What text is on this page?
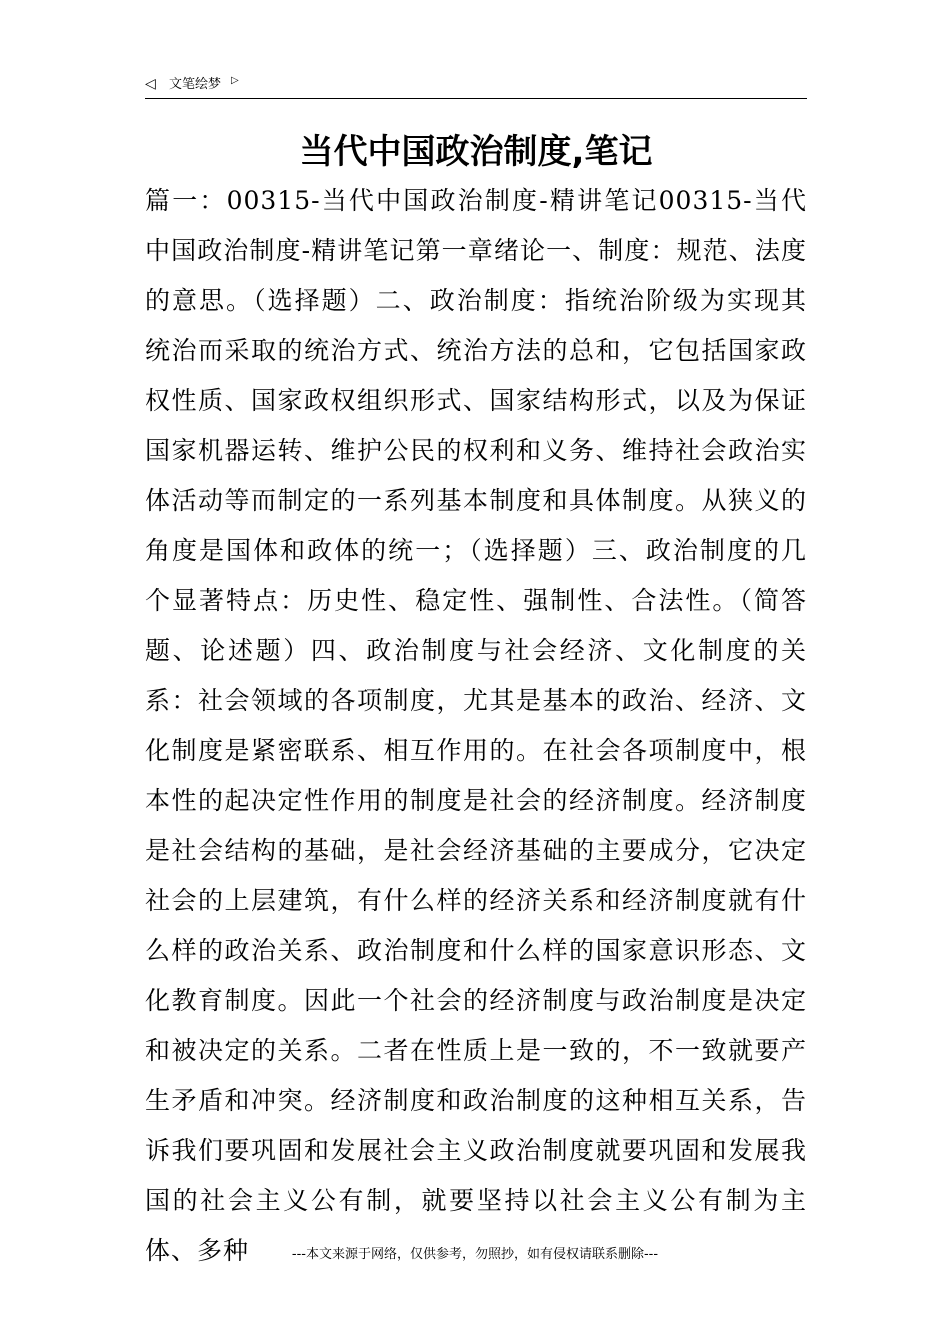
◁ 文笔绘梦 ▷
当代中国政治制度,笔记

篇一：00315-当代中国政治制度-精讲笔记00315-当代中国政治制度-精讲笔记第一章绪论一、制度：规范、法度的意思。（选择题）二、政治制度：指统治阶级为实现其统治而采取的统治方式、统治方法的总和，它包括国家政权性质、国家政权组织形式、国家结构形式，以及为保证国家机器运转、维护公民的权利和义务、维持社会政治实体活动等而制定的一系列基本制度和具体制度。从狭义的角度是国体和政体的统一；（选择题）三、政治制度的几个显著特点：历史性、稳定性、强制性、合法性。（简答题、论述题）四、政治制度与社会经济、文化制度的关系：社会领域的各项制度，尤其是基本的政治、经济、文化制度是紧密联系、相互作用的。在社会各项制度中，根本性的起决定性作用的制度是社会的经济制度。经济制度是社会结构的基础，是社会经济基础的主要成分，它决定社会的上层建筑，有什么样的经济关系和经济制度就有什么样的政治关系、政治制度和什么样的国家意识形态、文化教育制度。因此一个社会的经济制度与政治制度是决定和被决定的关系。二者在性质上是一致的，不一致就要产生矛盾和冲突。经济制度和政治制度的这种相互关系，告诉我们要巩固和发展社会主义政治制度就要巩固和发展我国的社会主义公有制，就要坚持以社会主义公有制为主体、多种	---本文来源于网络，仅供参考，勿照抄，如有侵权请联系删除---
